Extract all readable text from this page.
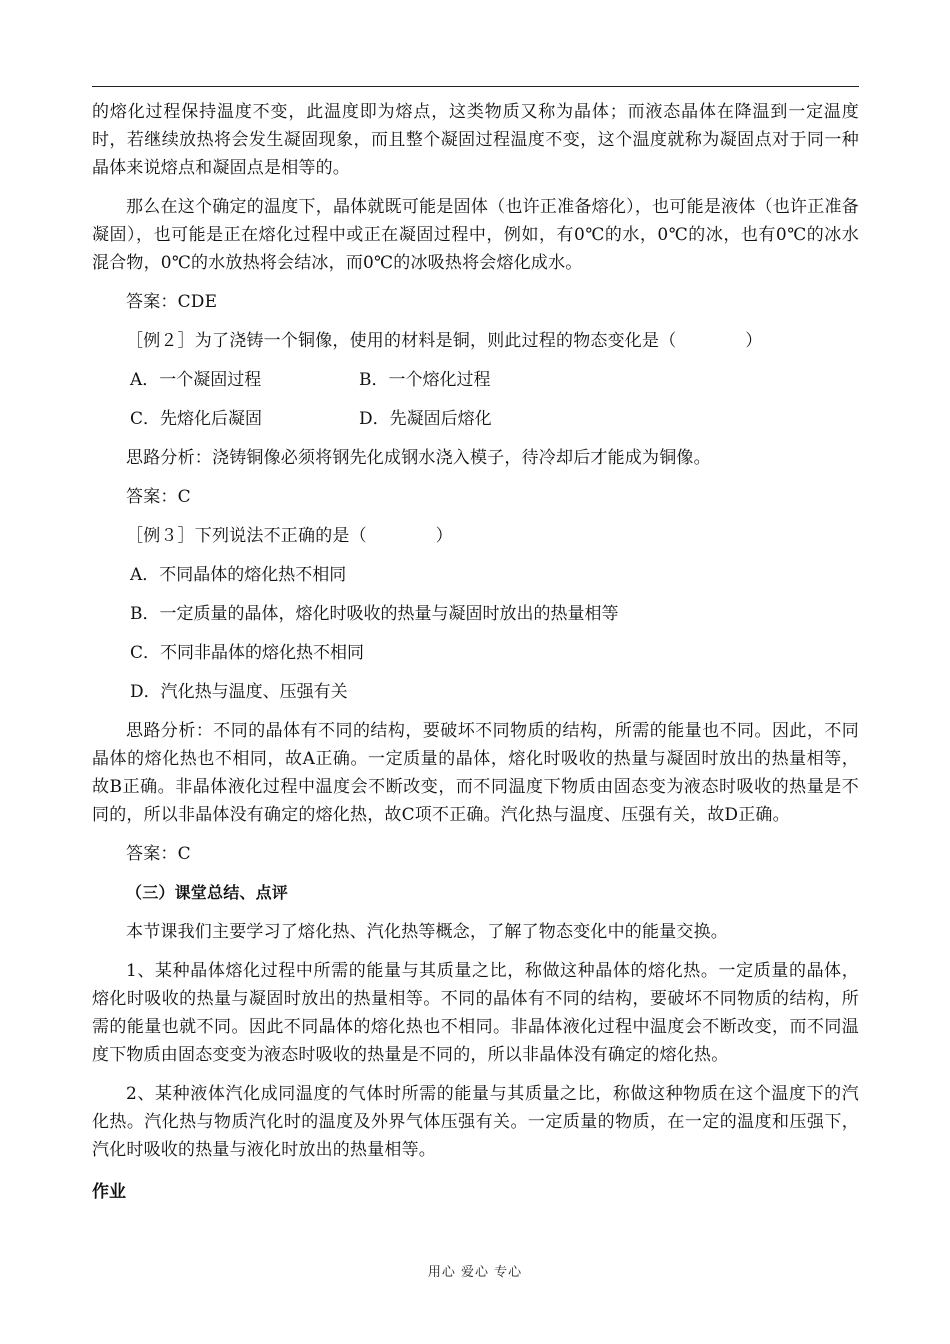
的熔化过程保持温度不变，此温度即为熔点，这类物质又称为晶体；而液态晶体在降温到一定温度时，若继续放热将会发生凝固现象，而且整个凝固过程温度不变，这个温度就称为凝固点对于同一种晶体来说熔点和凝固点是相等的。

那么在这个确定的温度下，晶体就既可能是固体（也许正准备熔化），也可能是液体（也许正准备凝固），也可能是正在熔化过程中或正在凝固过程中，例如，有0℃的水，0℃的冰，也有0℃的冰水混合物，0℃的水放热将会结冰，而0℃的冰吸热将会熔化成水。

答案：CDE

［例２］为了浇铸一个铜像，使用的材料是铜，则此过程的物态变化是（　　　　）

A．一个凝固过程	B．一个熔化过程
C．先熔化后凝固	D．先凝固后熔化

思路分析：浇铸铜像必须将钢先化成钢水浇入模子，待冷却后才能成为铜像。

答案：C

［例３］下列说法不正确的是（　　　　）

A．不同晶体的熔化热不相同
B．一定质量的晶体，熔化时吸收的热量与凝固时放出的热量相等
C．不同非晶体的熔化热不相同
D．汽化热与温度、压强有关

思路分析：不同的晶体有不同的结构，要破坏不同物质的结构，所需的能量也不同。因此，不同晶体的熔化热也不相同，故A正确。一定质量的晶体，熔化时吸收的热量与凝固时放出的热量相等，故B正确。非晶体液化过程中温度会不断改变，而不同温度下物质由固态变为液态时吸收的热量是不同的，所以非晶体没有确定的熔化热，故C项不正确。汽化热与温度、压强有关，故D正确。

答案：C

（三）课堂总结、点评

本节课我们主要学习了熔化热、汽化热等概念，了解了物态变化中的能量交换。

1、某种晶体熔化过程中所需的能量与其质量之比，称做这种晶体的熔化热。一定质量的晶体，熔化时吸收的热量与凝固时放出的热量相等。不同的晶体有不同的结构，要破坏不同物质的结构，所需的能量也就不同。因此不同晶体的熔化热也不相同。非晶体液化过程中温度会不断改变，而不同温度下物质由固态变变为液态时吸收的热量是不同的，所以非晶体没有确定的熔化热。

2、某种液体汽化成同温度的气体时所需的能量与其质量之比，称做这种物质在这个温度下的汽化热。汽化热与物质汽化时的温度及外界气体压强有关。一定质量的物质，在一定的温度和压强下，汽化时吸收的热量与液化时放出的热量相等。

作业

用心 爱心 专心
